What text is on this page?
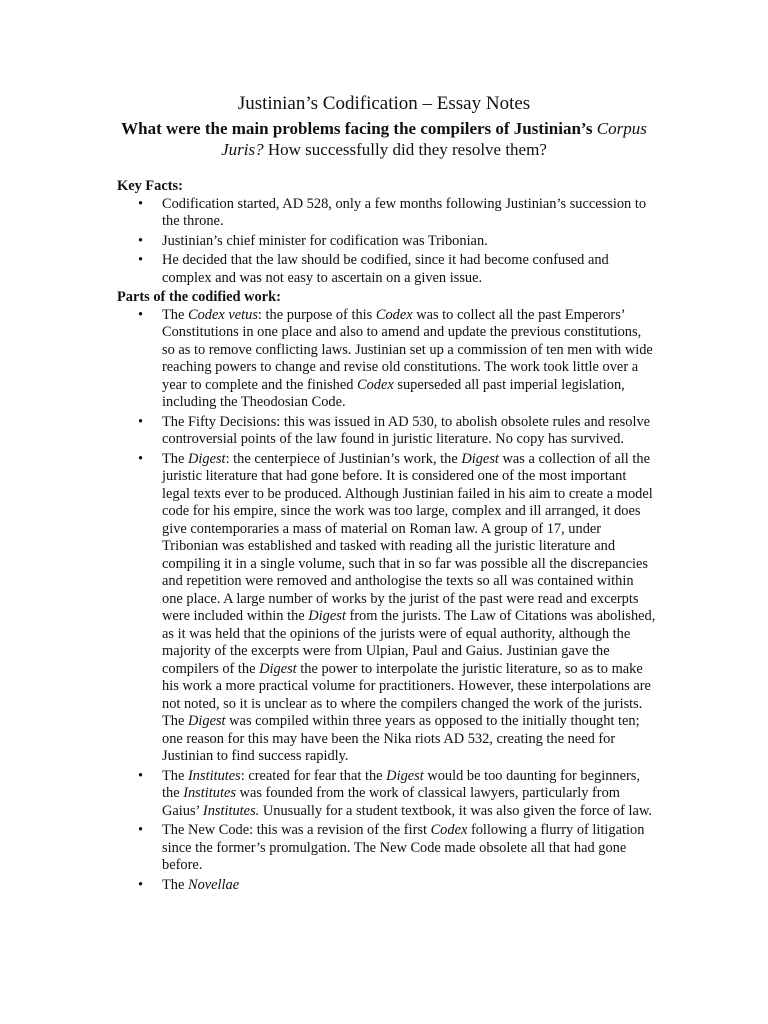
Justinian’s Codification – Essay Notes
What were the main problems facing the compilers of Justinian’s Corpus Juris? How successfully did they resolve them?

Key Facts:

• Codification started, AD 528, only a few months following Justinian’s succession to the throne.
• Justinian’s chief minister for codification was Tribonian.
• He decided that the law should be codified, since it had become confused and complex and was not easy to ascertain on a given issue.

Parts of the codified work:

• The Codex vetus: the purpose of this Codex was to collect all the past Emperors’ Constitutions in one place and also to amend and update the previous constitutions, so as to remove conflicting laws. Justinian set up a commission of ten men with wide reaching powers to change and revise old constitutions. The work took little over a year to complete and the finished Codex superseded all past imperial legislation, including the Theodosian Code.
• The Fifty Decisions: this was issued in AD 530, to abolish obsolete rules and resolve controversial points of the law found in juristic literature. No copy has survived.
• The Digest: the centerpiece of Justinian’s work, the Digest was a collection of all the juristic literature that had gone before. It is considered one of the most important legal texts ever to be produced. Although Justinian failed in his aim to create a model code for his empire, since the work was too large, complex and ill arranged, it does give contemporaries a mass of material on Roman law. A group of 17, under Tribonian was established and tasked with reading all the juristic literature and compiling it in a single volume, such that in so far was possible all the discrepancies and repetition were removed and anthologise the texts so all was contained within one place. A large number of works by the jurist of the past were read and excerpts were included within the Digest from the jurists. The Law of Citations was abolished, as it was held that the opinions of the jurists were of equal authority, although the majority of the excerpts were from Ulpian, Paul and Gaius. Justinian gave the compilers of the Digest the power to interpolate the juristic literature, so as to make his work a more practical volume for practitioners. However, these interpolations are not noted, so it is unclear as to where the compilers changed the work of the jurists. The Digest was compiled within three years as opposed to the initially thought ten; one reason for this may have been the Nika riots AD 532, creating the need for Justinian to find success rapidly.
• The Institutes: created for fear that the Digest would be too daunting for beginners, the Institutes was founded from the work of classical lawyers, particularly from Gaius’ Institutes. Unusually for a student textbook, it was also given the force of law.
• The New Code: this was a revision of the first Codex following a flurry of litigation since the former’s promulgation. The New Code made obsolete all that had gone before.
• The Novellae
